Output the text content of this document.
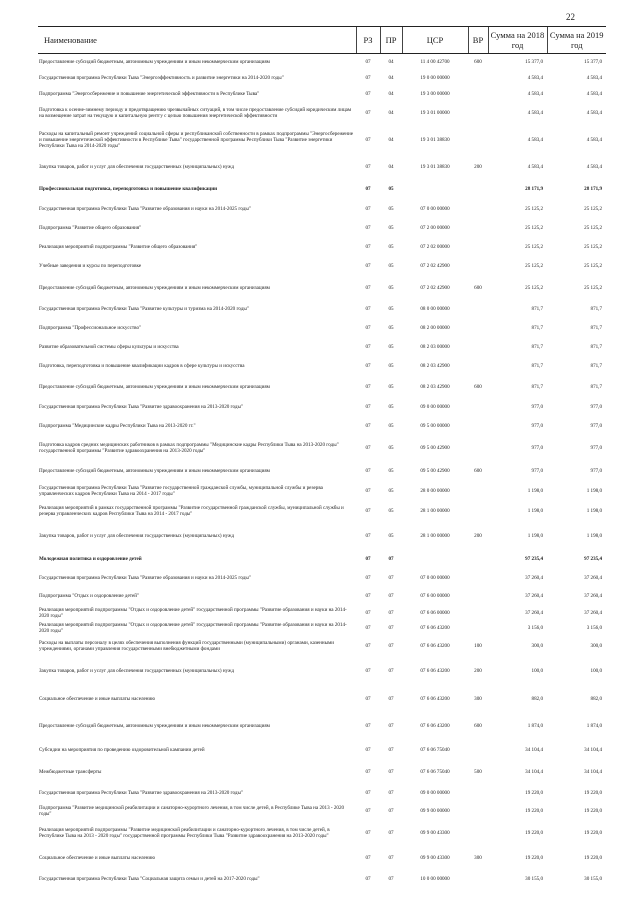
22
Наименование	РЗ	ПР	ЦСР	ВР	Сумма на 2018 год	Сумма на 2019 год
Предоставление субсидий бюджетным, автономным учреждениям и иным некоммерческим организациям	07	04	11 4 00 42700	600	15 377,0	15 377,0
Государственная программа Республики Тыва "Энергоэффективность и развитие энергетики на 2014-2020 годы"	07	04	19 0 00 00000		4 583,4	4 583,4
Подпрограмма "Энергосбережение и повышение энергетической эффективности в Республике Тыва"	07	04	19 3 00 00000		4 583,4	4 583,4
Подготовка к осенне-зимнему периоду и предотвращению чрезвычайных ситуаций, в том числе предоставление субсидий юридическим лицам на возмещение затрат на текущую и капитальную рентгу с целью повышения энергетической эффективности	07	04	19 3 01 00000		4 583,4	4 583,4
Расходы на капитальный ремонт учреждений социальной сферы и республиканской собственности в рамках подпрограммы "Энергосбережение и повышение энергетической эффективности в Республике Тыва" государственной программы Республики Тыва "Развитие энергетики Республики Тыва на 2014-2020 годы"	07	04	19 3 01 38830		4 583,4	4 583,4
Закупка товаров, работ и услуг для обеспечения государственных (муниципальных) нужд	07	04	19 3 01 38830	200	4 583,4	4 583,4
Профессиональная подготовка, переподготовка и повышение квалификации	07	05			28 171,9	28 171,9
Государственная программа Республики Тыва "Развитие образования и науки на 2014-2025 годы"	07	05	07 0 00 00000		25 125,2	25 125,2
Подпрограмма "Развитие общего образования"	07	05	07 2 00 00000		25 125,2	25 125,2
Реализация мероприятий подпрограммы "Развитие общего образования"	07	05	07 2 02 00000		25 125,2	25 125,2
Учебные заведения и курсы по переподготовке	07	05	07 2 02 42900		25 125,2	25 125,2
Предоставление субсидий бюджетным, автономным учреждениям и иным некоммерческим организациям	07	05	07 2 02 42900	600	25 125,2	25 125,2
Государственная программа Республики Тыва "Развитие культуры и туризма на 2014-2020 годы"	07	05	08 0 00 00000		871,7	871,7
Подпрограмма "Профессиональное искусство"	07	05	08 2 00 00000		871,7	871,7
Развитие образовательной системы сферы культуры и искусства	07	05	08 2 03 00000		871,7	871,7
Подготовка, переподготовка и повышение квалификации кадров в сфере культуры и искусства	07	05	08 2 03 42900		871,7	871,7
Предоставление субсидий бюджетным, автономным учреждениям и иным некоммерческим организациям	07	05	08 2 03 42900	600	871,7	871,7
Государственная программа Республики Тыва "Развитие здравоохранения на 2013-2020 годы"	07	05	09 0 00 00000		977,0	977,0
Подпрограмма "Медицинские кадры Республики Тыва на 2013-2020 гг."	07	05	09 5 00 00000		977,0	977,0
Подготовка кадров средних медицинских работников в рамках подпрограммы "Медицинские кадры Республики Тыва на 2013-2020 годы" государственной программы "Развитие здравоохранения на 2013-2020 годы"	07	05	09 5 00 42900		977,0	977,0
Предоставление субсидий бюджетным, автономным учреждениям и иным некоммерческим организациям	07	05	09 5 00 42900	600	977,0	977,0
Государственная программа Республики Тыва "Развитие государственной гражданской службы, муниципальной службы и резерва управленческих кадров Республики Тыва на 2014 - 2017 годы"	07	05	28 0 00 00000		1 198,0	1 198,0
Реализация мероприятий в рамках государственной программы "Развитие государственной гражданской службы, муниципальной службы и резерва управленческих кадров Республики Тыва на 2014 - 2017 годы"	07	05	28 1 00 00000		1 198,0	1 198,0
Закупка товаров, работ и услуг для обеспечения государственных (муниципальных) нужд	07	05	28 1 00 00000	200	1 198,0	1 198,0
Молодежная политика и оздоровление детей	07	07			97 235,4	97 235,4
Государственная программа Республики Тыва "Развитие образования и науки на 2014-2025 годы"	07	07	07 0 00 00000		37 260,4	37 260,4
Подпрограмма "Отдых и оздоровление детей"	07	07	07 6 00 00000		37 260,4	37 260,4
Реализация мероприятий подпрограммы "Отдых и оздоровление детей" государственной программы "Развитие образования и науки на 2014-2020 годы"	07	07	07 6 06 00000		37 260,4	37 260,4
Реализация мероприятий подпрограммы "Отдых и оздоровление детей" государственной программы "Развитие образования и науки на 2014-2020 годы"	07	07	07 6 06 43200		3 156,0	3 156,0
Расходы на выплаты персоналу в целях обеспечения выполнения функций государственными (муниципальными) органами, казенными учреждениями, органами управления государственными внебюджетными фондами	07	07	07 6 06 43200	100	300,0	300,0
Закупка товаров, работ и услуг для обеспечения государственных (муниципальных) нужд	07	07	07 6 06 43200	200	100,0	100,0
Социальное обеспечение и иные выплаты населению	07	07	07 6 06 43200	300	882,0	882,0
Предоставление субсидий бюджетным, автономным учреждениям и иным некоммерческим организациям	07	07	07 6 06 43200	600	1 874,0	1 874,0
Субсидии на мероприятия по проведению оздоровительной кампании детей	07	07	07 6 06 75040		34 104,4	34 104,4
Межбюджетные трансферты	07	07	07 6 06 75040	500	34 104,4	34 104,4
Государственная программа Республики Тыва "Развитие здравоохранения на 2013-2020 годы"	07	07	09 0 00 00000		19 220,0	19 220,0
Подпрограмма "Развитие медицинской реабилитации и санаторно-курортного лечения, в том числе детей, в Республике Тыва на 2013 - 2020 годы"	07	07	09 9 00 00000		19 220,0	19 220,0
Реализация мероприятий подпрограммы "Развитие медицинской реабилитации и санаторно-курортного лечения, в том числе детей, в Республике Тыва на 2013 - 2020 годы" государственной программы Республики Тыва "Развитие здравоохранения на 2013-2020 годы"	07	07	09 9 00 43300		19 220,0	19 220,0
Социальное обеспечение и иные выплаты населению	07	07	09 9 00 43300	300	19 220,0	19 220,0
Государственная программа Республики Тыва "Социальная защита семьи и детей на 2017-2020 годы"	07	07	10 0 00 00000		30 155,0	30 155,0
